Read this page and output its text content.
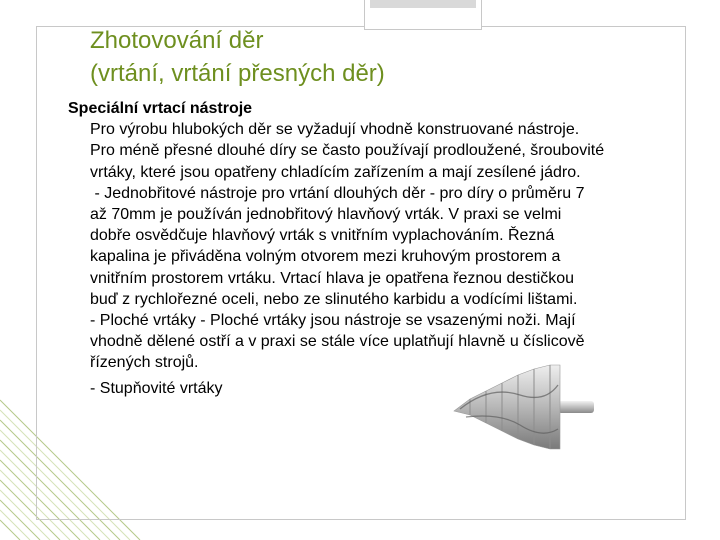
Zhotovování děr
(vrtání, vrtání přesných děr)
Speciální vrtací nástroje
Pro výrobu hlubokých děr se vyžadují vhodně konstruované nástroje.
Pro méně přesné dlouhé díry se často používají prodloužené, šroubovité
vrtáky, které jsou opatřeny chladícím zařízením a mají zesílené jádro.
- Jednobřitové nástroje pro vrtání dlouhých děr - pro díry o průměru 7
až 70mm je používán jednobřitový hlavňový vrták. V praxi se velmi
dobře osvědčuje hlavňový vrták s vnitřním vyplachováním. Řezná
kapalina je přiváděna volným otvorem mezi kruhovým prostorem a
vnitřním prostorem vrtáku. Vrtací hlava je opatřena řeznou destičkou
buď z rychlořezné oceli, nebo ze slinutého karbidu a vodícími lištami.
- Ploché vrtáky - Ploché vrtáky jsou nástroje se vsazenými noži. Mají
vhodně dělené ostří a v praxi se stále více uplatňují hlavně u číslicově
řízených strojů.
- Stupňovité vrtáky
